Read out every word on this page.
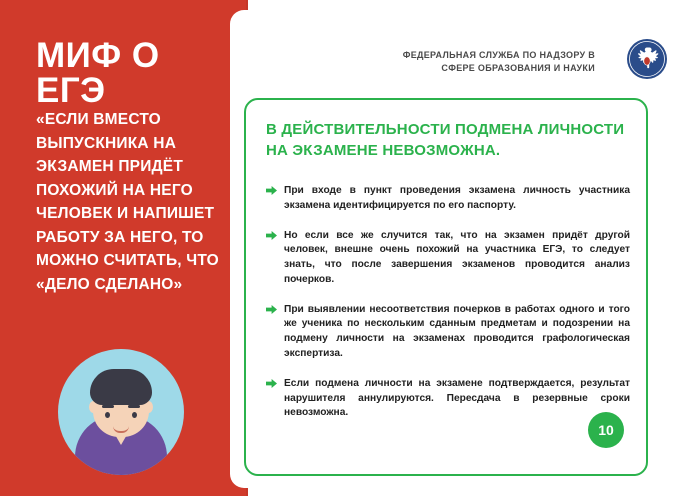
МИФ О ЕГЭ
«ЕСЛИ ВМЕСТО ВЫПУСКНИКА НА ЭКЗАМЕН ПРИДЁТ ПОХОЖИЙ НА НЕГО ЧЕЛОВЕК И НАПИШЕТ РАБОТУ ЗА НЕГО, ТО МОЖНО СЧИТАТЬ, ЧТО «ДЕЛО СДЕЛАНО»
ФЕДЕРАЛЬНАЯ СЛУЖБА ПО НАДЗОРУ В СФЕРЕ ОБРАЗОВАНИЯ И НАУКИ
В ДЕЙСТВИТЕЛЬНОСТИ ПОДМЕНА ЛИЧНОСТИ НА ЭКЗАМЕНЕ НЕВОЗМОЖНА.
При входе в пункт проведения экзамена личность участника экзамена идентифицируется по его паспорту.
Но если все же случится так, что на экзамен придёт другой человек, внешне очень похожий на участника ЕГЭ, то следует знать, что после завершения экзаменов проводится анализ почерков.
При выявлении несоответствия почерков в работах одного и того же ученика по нескольким сданным предметам и подозрении на подмену личности на экзаменах проводится графологическая экспертиза.
Если подмена личности на экзамене подтверждается, результат нарушителя аннулируются. Пересдача в резервные сроки невозможна.
10
